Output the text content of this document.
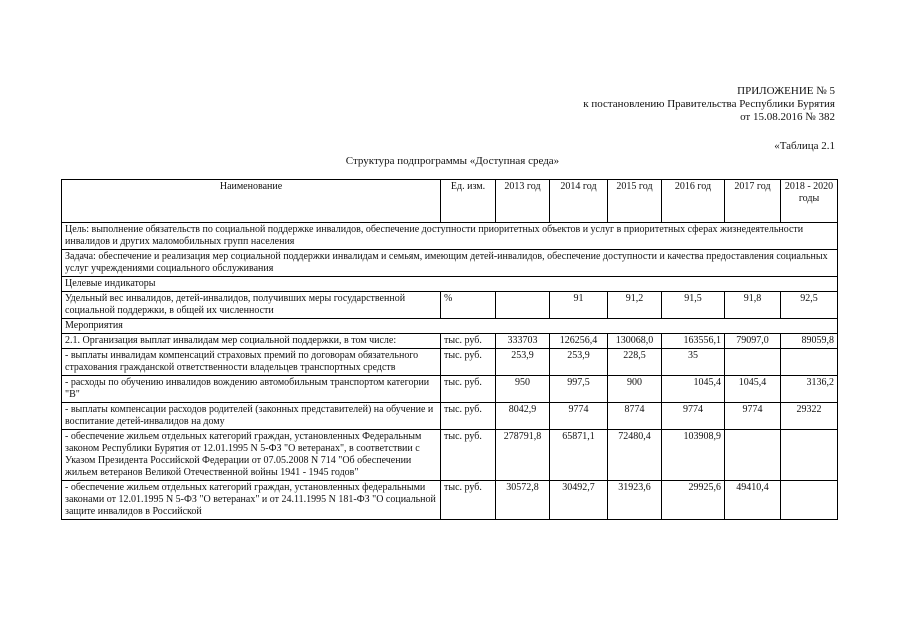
ПРИЛОЖЕНИЕ № 5
к постановлению Правительства Республики Бурятия
от 15.08.2016 № 382
«Таблица 2.1
Структура подпрограммы «Доступная среда»
Наименование	Ед. изм.	2013 год	2014 год	2015 год	2016 год	2017 год	2018 - 2020 годы
Цель: выполнение обязательств по социальной поддержке инвалидов, обеспечение доступности приоритетных объектов и услуг в приоритетных сферах жизнедеятельности инвалидов и других маломобильных групп населения							
Задача: обеспечение и реализация мер социальной поддержки инвалидам и семьям, имеющим детей-инвалидов, обеспечение доступности и качества предоставления социальных услуг учреждениями социального обслуживания							
Целевые индикаторы							
Удельный вес инвалидов, детей-инвалидов, получивших меры государственной социальной поддержки, в общей их численности	%		91	91,2	91,5	91,8	92,5
Мероприятия							
2.1. Организация выплат инвалидам мер социальной поддержки, в том числе:	тыс. руб.	333703	126256,4	130068,0	163556,1	79097,0	89059,8
- выплаты инвалидам компенсаций страховых премий по договорам обязательного страхования гражданской ответственности владельцев транспортных средств	тыс. руб.	253,9	253,9	228,5	35		
- расходы по обучению инвалидов вождению автомобильным транспортом категории "В"	тыс. руб.	950	997,5	900	1045,4	1045,4	3136,2
- выплаты компенсации расходов родителей (законных представителей) на обучение и воспитание детей-инвалидов на дому	тыс. руб.	8042,9	9774	8774	9774	9774	29322
- обеспечение жильем отдельных категорий граждан, установленных Федеральным законом Республики Бурятия от 12.01.1995 N 5-ФЗ "О ветеранах", в соответствии с Указом Президента Российской Федерации от 07.05.2008 N 714 "Об обеспечении жильем ветеранов Великой Отечественной войны 1941 - 1945 годов"	тыс. руб.	278791,8	65871,1	72480,4	103908,9		
- обеспечение жильем отдельных категорий граждан, установленных федеральными законами от 12.01.1995 N 5-ФЗ "О ветеранах" и от 24.11.1995 N 181-ФЗ "О социальной защите инвалидов в Российской	тыс. руб.	30572,8	30492,7	31923,6	29925,6	49410,4	
